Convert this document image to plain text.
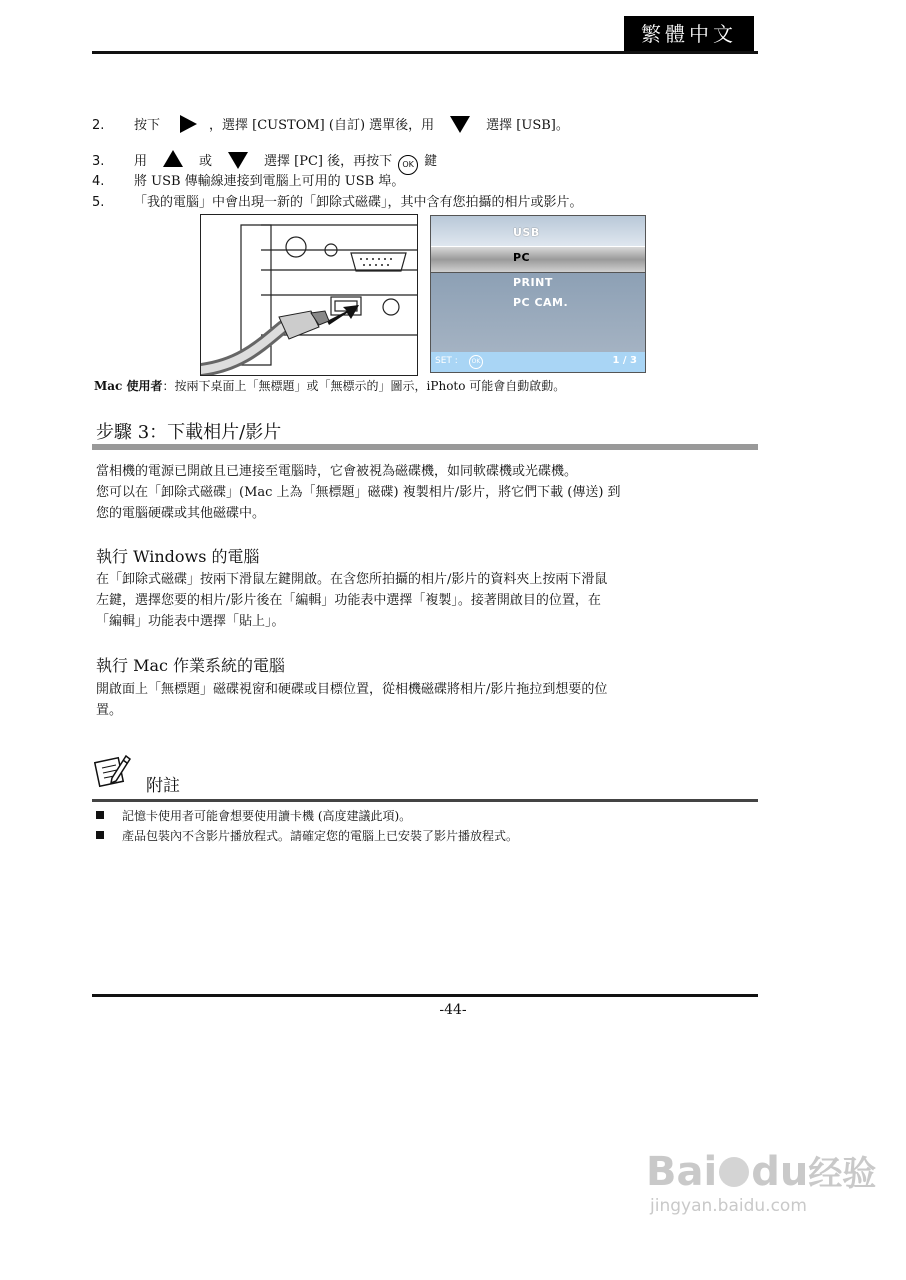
繁體中文
2. 按下	，選擇 [CUSTOM] (自訂) 選單後，用	選擇 [USB]。
3. 用	或	選擇 [PC] 後，再按下 OK 鍵
4. 將 USB 傳輸線連接到電腦上可用的 USB 埠。
5. 「我的電腦」中會出現一新的「卸除式磁碟」，其中含有您拍攝的相片或影片。
USB
PC
PRINT
PC CAM.
SET :	OK	1 / 3
Mac 使用者：按兩下桌面上「無標題」或「無標示的」圖示，iPhoto 可能會自動啟動。
步驟 3：下載相片/影片
當相機的電源已開啟且已連接至電腦時，它會被視為磁碟機，如同軟碟機或光碟機。
您可以在「卸除式磁碟」(Mac 上為「無標題」磁碟) 複製相片/影片，將它們下載 (傳送) 到
您的電腦硬碟或其他磁碟中。
執行 Windows 的電腦
在「卸除式磁碟」按兩下滑鼠左鍵開啟。在含您所拍攝的相片/影片的資料夾上按兩下滑鼠
左鍵，選擇您要的相片/影片後在「編輯」功能表中選擇「複製」。接著開啟目的位置，在
「編輯」功能表中選擇「貼上」。
執行 Mac 作業系統的電腦
開啟面上「無標題」磁碟視窗和硬碟或目標位置，從相機磁碟將相片/影片拖拉到想要的位
置。
附註
記憶卡使用者可能會想要使用讀卡機 (高度建議此項)。
產品包裝內不含影片播放程式。請確定您的電腦上已安裝了影片播放程式。
-44-
Bai du经验
jingyan.baidu.com
